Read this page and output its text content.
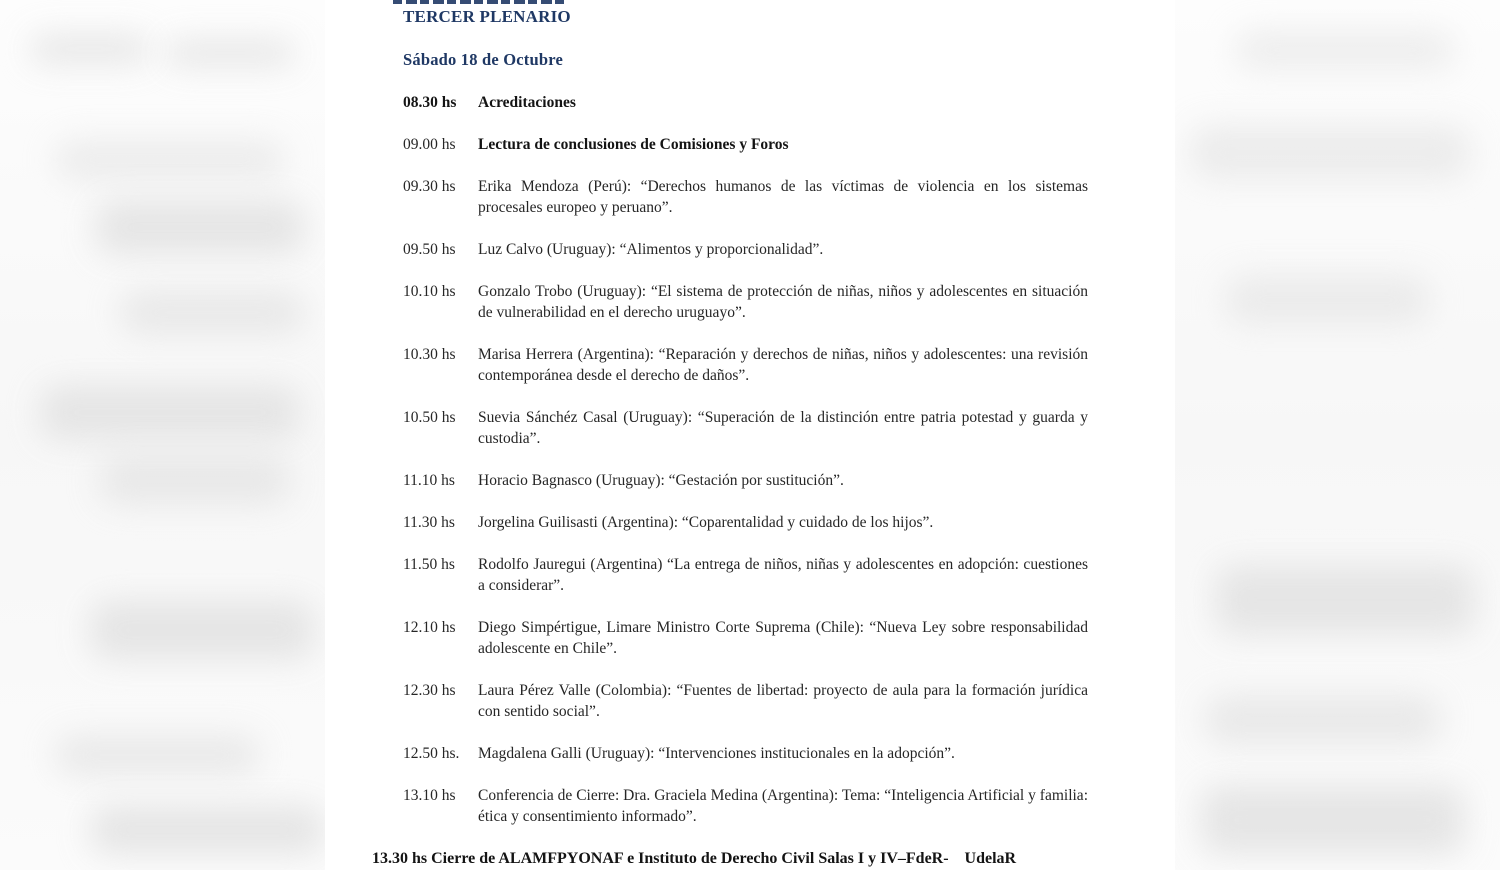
TERCER PLENARIO
Sábado 18 de Octubre
08.30 hs	Acreditaciones
09.00 hs	Lectura de conclusiones de Comisiones y Foros
09.30 hs	Erika Mendoza (Perú): “Derechos humanos de las víctimas de violencia en los sistemas procesales europeo y peruano”.
09.50 hs	Luz Calvo (Uruguay): “Alimentos y proporcionalidad”.
10.10 hs	Gonzalo Trobo (Uruguay): “El sistema de protección de niñas, niños y adolescentes en situación de vulnerabilidad en el derecho uruguayo”.
10.30 hs	Marisa Herrera (Argentina): “Reparación y derechos de niñas, niños y adolescentes: una revisión contemporánea desde el derecho de daños”.
10.50 hs	Suevia Sánchéz Casal (Uruguay): “Superación de la distinción entre patria potestad y guarda y custodia”.
11.10 hs	Horacio Bagnasco (Uruguay): “Gestación por sustitución”.
11.30 hs	Jorgelina Guilisasti (Argentina): “Coparentalidad y cuidado de los hijos”.
11.50 hs	Rodolfo Jauregui (Argentina) “La entrega de niños, niñas y adolescentes en adopción: cuestiones a considerar”.
12.10 hs	Diego Simpértigue, Limare Ministro Corte Suprema (Chile): “Nueva Ley sobre responsabilidad adolescente en Chile”.
12.30 hs	Laura Pérez Valle (Colombia): “Fuentes de libertad: proyecto de aula para la formación jurídica con sentido social”.
12.50 hs.	Magdalena Galli (Uruguay): “Intervenciones institucionales en la adopción”.
13.10 hs	Conferencia de Cierre: Dra. Graciela Medina (Argentina): Tema: “Inteligencia Artificial y familia: ética y consentimiento informado”.
13.30 hs Cierre de ALAMFPYONAF e Instituto de Derecho Civil Salas I y IV–FdeR-    UdelaR
